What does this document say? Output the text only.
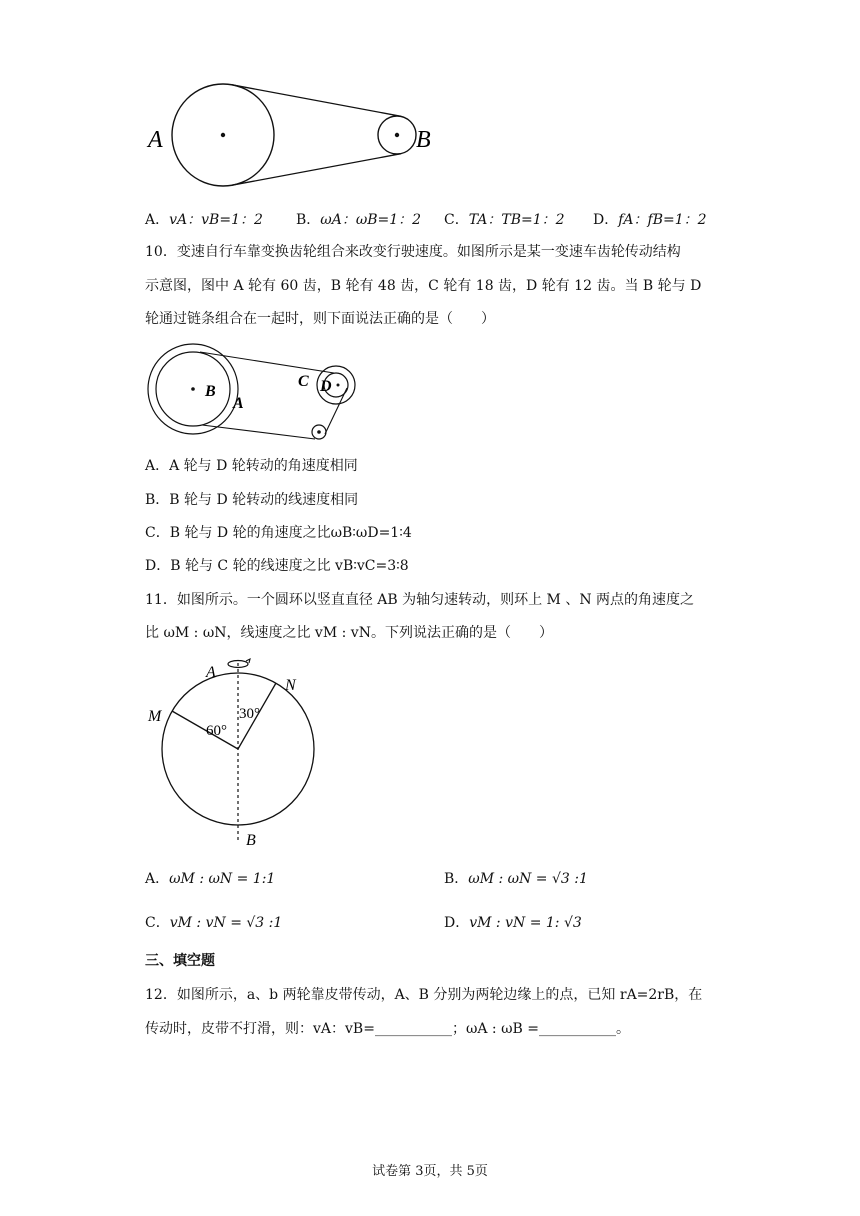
A	B
A．vA：vB=1：2 B．ωA：ωB=1：2 C．TA：TB=1：2 D．fA：fB=1：2
10．变速自行车靠变换齿轮组合来改变行驶速度。如图所示是某一变速车齿轮传动结构
示意图，图中 A 轮有 60 齿，B 轮有 48 齿，C 轮有 18 齿，D 轮有 12 齿。当 B 轮与 D
轮通过链条组合在一起时，则下面说法正确的是（　　）
B
A
C D
A．A 轮与 D 轮转动的角速度相同
B．B 轮与 D 轮转动的线速度相同
C．B 轮与 D 轮的角速度之比ωB∶ωD=1∶4
D．B 轮与 C 轮的线速度之比 vB∶vC=3∶8
11．如图所示。一个圆环以竖直直径 AB 为轴匀速转动，则环上 M 、N 两点的角速度之
比 ωM : ωN，线速度之比 vM : vN。下列说法正确的是（　　）
A
N
M	30°
60°
B
A．ωM : ωN = 1:1	B．ωM : ωN = √3 :1
C．vM : vN = √3 :1	D．vM : vN = 1: √3
三、填空题
12．如图所示，a、b 两轮靠皮带传动，A、B 分别为两轮边缘上的点，已知 rA=2rB，在
传动时，皮带不打滑，则：vA：vB=___________；ωA : ωB =___________。
试卷第 3页，共 5页
